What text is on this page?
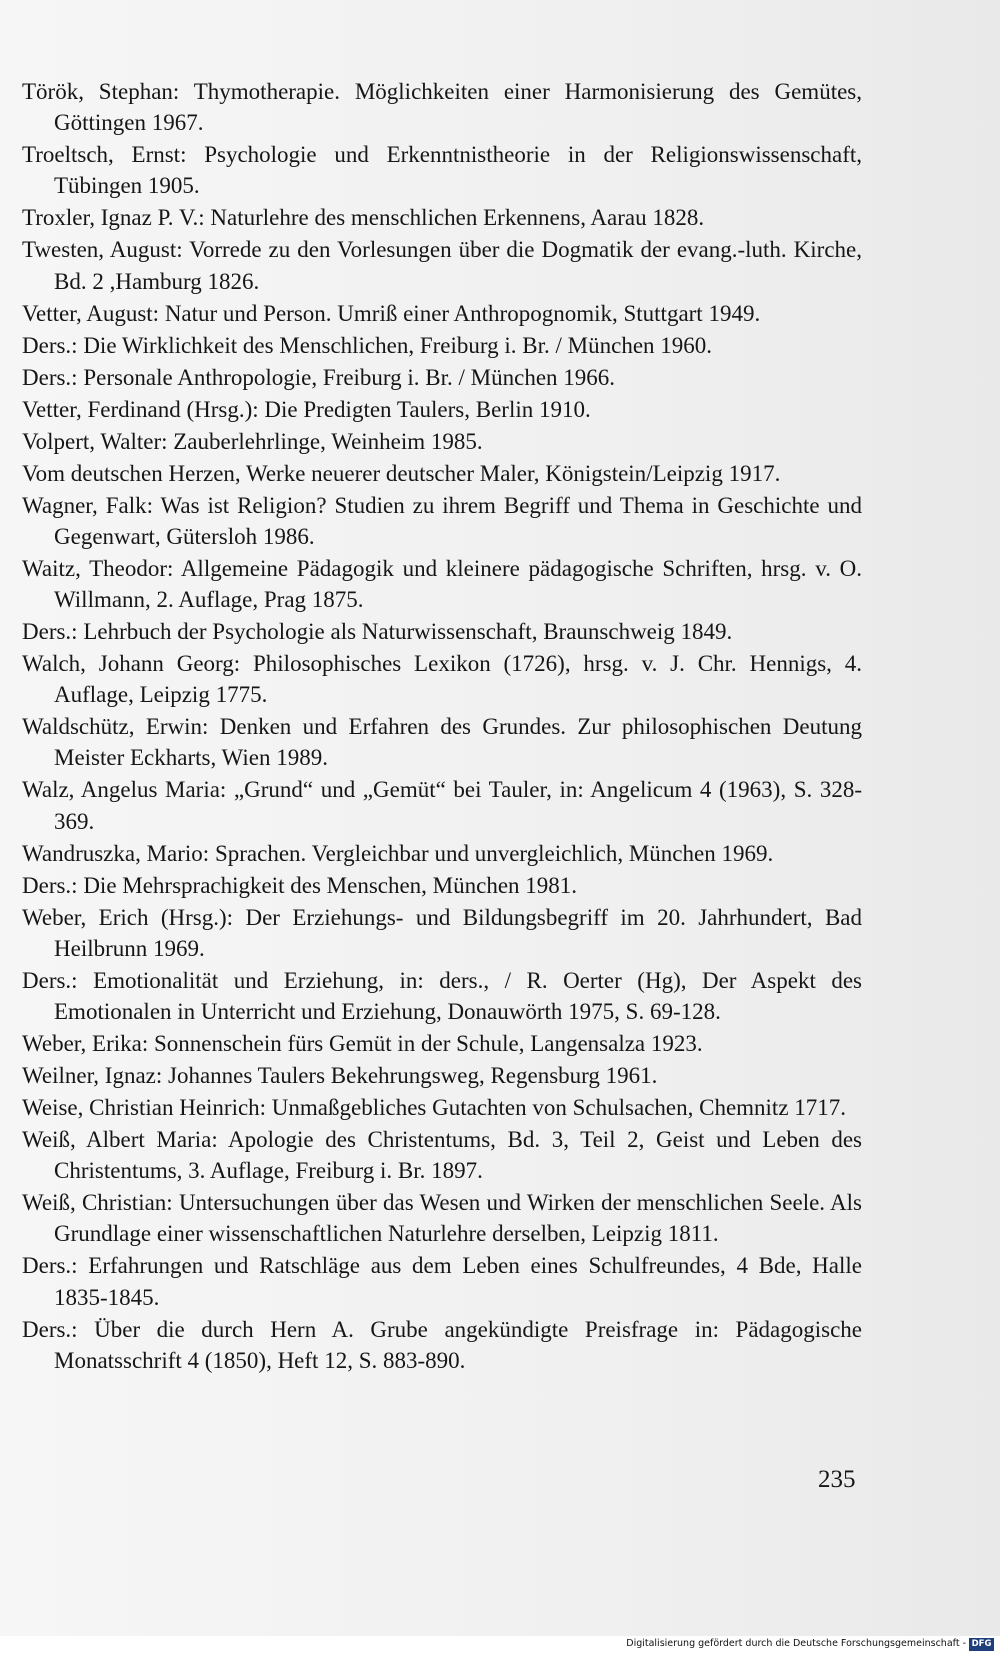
Török, Stephan: Thymotherapie. Möglichkeiten einer Harmonisierung des Gemütes, Göttingen 1967.

Troeltsch, Ernst: Psychologie und Erkenntnistheorie in der Religionswissenschaft, Tübingen 1905.

Troxler, Ignaz P. V.: Naturlehre des menschlichen Erkennens, Aarau 1828.

Twesten, August: Vorrede zu den Vorlesungen über die Dogmatik der evang.-luth. Kirche, Bd. 2 ,Hamburg 1826.

Vetter, August: Natur und Person. Umriß einer Anthropognomik, Stuttgart 1949.

Ders.: Die Wirklichkeit des Menschlichen, Freiburg i. Br. / München 1960.

Ders.: Personale Anthropologie, Freiburg i. Br. / München 1966.

Vetter, Ferdinand (Hrsg.): Die Predigten Taulers, Berlin 1910.

Volpert, Walter: Zauberlehrlinge, Weinheim 1985.

Vom deutschen Herzen, Werke neuerer deutscher Maler, Königstein/Leipzig 1917.

Wagner, Falk: Was ist Religion? Studien zu ihrem Begriff und Thema in Geschichte und Gegenwart, Gütersloh 1986.

Waitz, Theodor: Allgemeine Pädagogik und kleinere pädagogische Schriften, hrsg. v. O. Willmann, 2. Auflage, Prag 1875.

Ders.: Lehrbuch der Psychologie als Naturwissenschaft, Braunschweig 1849.

Walch, Johann Georg: Philosophisches Lexikon (1726), hrsg. v. J. Chr. Hennigs, 4. Auflage, Leipzig 1775.

Waldschütz, Erwin: Denken und Erfahren des Grundes. Zur philosophischen Deutung Meister Eckharts, Wien 1989.

Walz, Angelus Maria: „Grund“ und „Gemüt“ bei Tauler, in: Angelicum 4 (1963), S. 328-369.

Wandruszka, Mario: Sprachen. Vergleichbar und unvergleichlich, München 1969.

Ders.: Die Mehrsprachigkeit des Menschen, München 1981.

Weber, Erich (Hrsg.): Der Erziehungs- und Bildungsbegriff im 20. Jahrhundert, Bad Heilbrunn 1969.

Ders.: Emotionalität und Erziehung, in: ders., / R. Oerter (Hg), Der Aspekt des Emotionalen in Unterricht und Erziehung, Donauwörth 1975, S. 69-128.

Weber, Erika: Sonnenschein fürs Gemüt in der Schule, Langensalza 1923.

Weilner, Ignaz: Johannes Taulers Bekehrungsweg, Regensburg 1961.

Weise, Christian Heinrich: Unmaßgebliches Gutachten von Schulsachen, Chemnitz 1717.

Weiß, Albert Maria: Apologie des Christentums, Bd. 3, Teil 2, Geist und Leben des Christentums, 3. Auflage, Freiburg i. Br. 1897.

Weiß, Christian: Untersuchungen über das Wesen und Wirken der menschlichen Seele. Als Grundlage einer wissenschaftlichen Naturlehre derselben, Leipzig 1811.

Ders.: Erfahrungen und Ratschläge aus dem Leben eines Schulfreundes, 4 Bde, Halle 1835-1845.

Ders.: Über die durch Hern A. Grube angekündigte Preisfrage in: Pädagogische Monatsschrift 4 (1850), Heft 12, S. 883-890.

235
Digitalisierung gefördert durch die Deutsche Forschungsgemeinschaft - DFG
